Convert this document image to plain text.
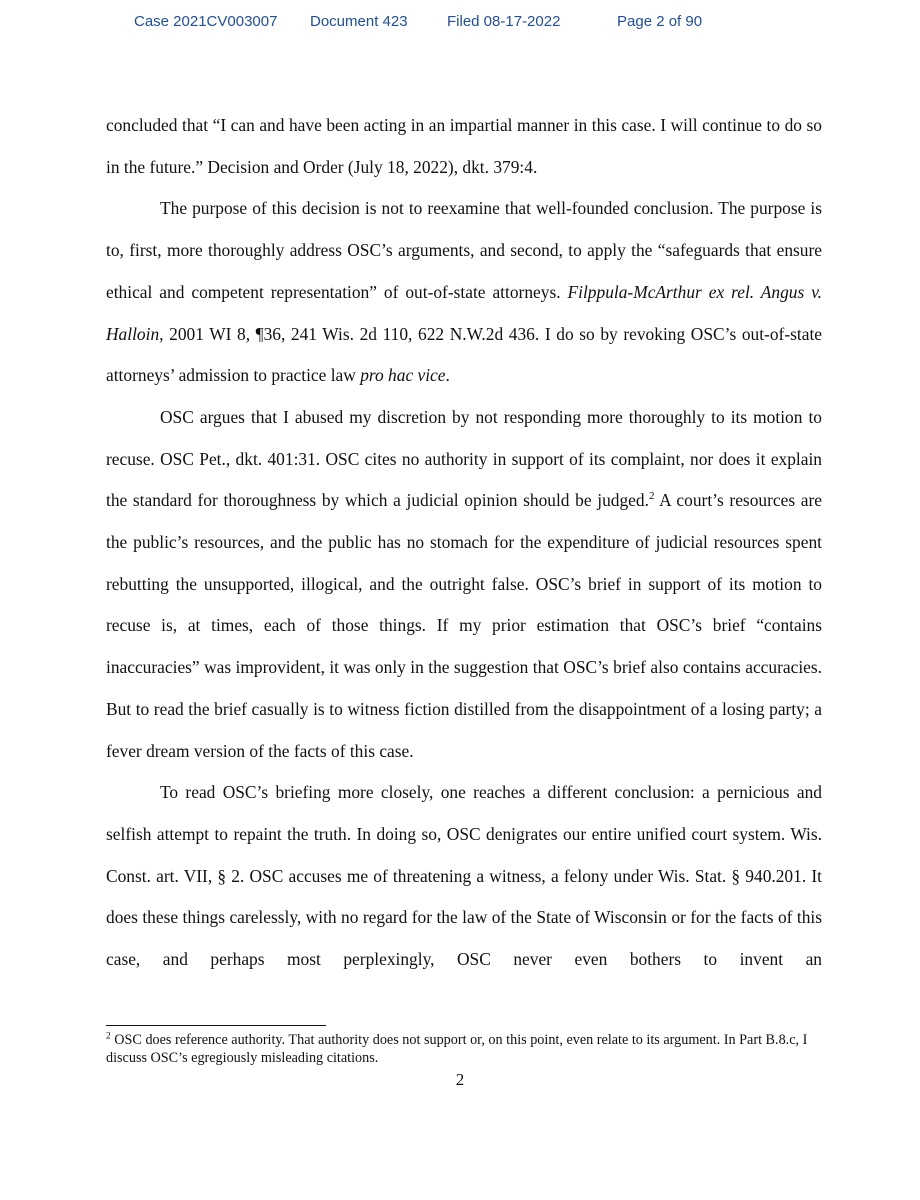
Case 2021CV003007 Document 423	Filed 08-17-2022	Page 2 of 90

concluded that “I can and have been acting in an impartial manner in this case. I will continue to do so in the future.” Decision and Order (July 18, 2022), dkt. 379:4.

The purpose of this decision is not to reexamine that well-founded conclusion. The purpose is to, first, more thoroughly address OSC’s arguments, and second, to apply the “safeguards that ensure ethical and competent representation” of out-of-state attorneys. Filppula-McArthur ex rel. Angus v. Halloin, 2001 WI 8, ¶36, 241 Wis. 2d 110, 622 N.W.2d 436. I do so by revoking OSC’s out-of-state attorneys’ admission to practice law pro hac vice.

OSC argues that I abused my discretion by not responding more thoroughly to its motion to recuse. OSC Pet., dkt. 401:31. OSC cites no authority in support of its complaint, nor does it explain the standard for thoroughness by which a judicial opinion should be judged.$^2$ A court’s resources are the public’s resources, and the public has no stomach for the expenditure of judicial resources spent rebutting the unsupported, illogical, and the outright false. OSC’s brief in support of its motion to recuse is, at times, each of those things. If my prior estimation that OSC’s brief “contains inaccuracies” was improvident, it was only in the suggestion that OSC’s brief also contains accuracies. But to read the brief casually is to witness fiction distilled from the disappointment of a losing party; a fever dream version of the facts of this case.

To read OSC’s briefing more closely, one reaches a different conclusion: a pernicious and selfish attempt to repaint the truth. In doing so, OSC denigrates our entire unified court system. Wis. Const. art. VII, § 2. OSC accuses me of threatening a witness, a felony under Wis. Stat. § 940.201. It does these things carelessly, with no regard for the law of the State of Wisconsin or for the facts of this case, and perhaps most perplexingly, OSC never even bothers to invent an

$^2$ OSC does reference authority. That authority does not support or, on this point, even relate to its argument. In Part B.8.c, I discuss OSC’s egregiously misleading citations.
2
